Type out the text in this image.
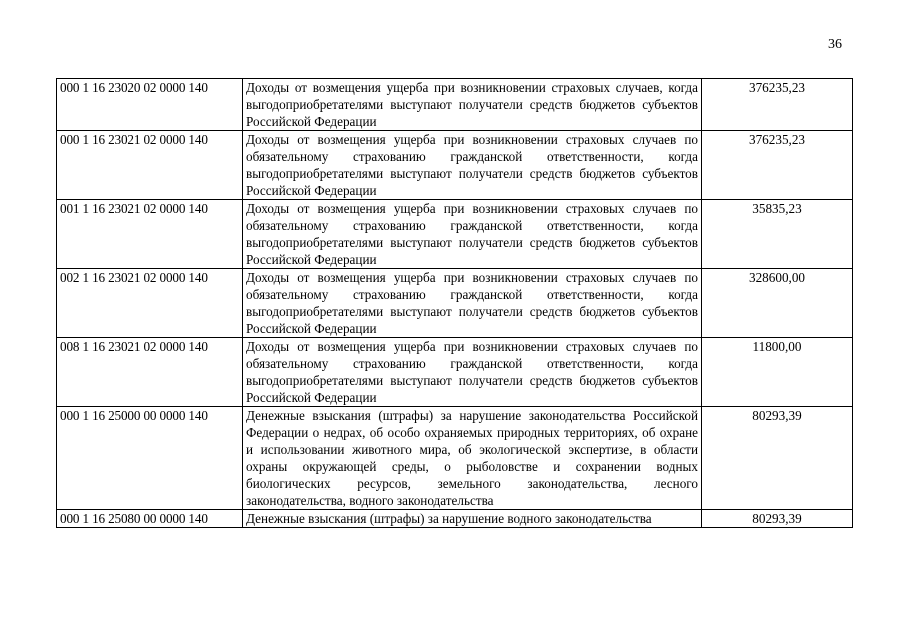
36
000 1 16 23020 02 0000 140	Доходы от возмещения ущерба при возникновении страховых случаев, когда выгодоприобретателями выступают получатели средств бюджетов субъектов Российской Федерации	376235,23
000 1 16 23021 02 0000 140	Доходы от возмещения ущерба при возникновении страховых случаев по обязательному страхованию гражданской ответственности, когда выгодоприобретателями выступают получатели средств бюджетов субъектов Российской Федерации	376235,23
001 1 16 23021 02 0000 140	Доходы от возмещения ущерба при возникновении страховых случаев по обязательному страхованию гражданской ответственности, когда выгодоприобретателями выступают получатели средств бюджетов субъектов Российской Федерации	35835,23
002 1 16 23021 02 0000 140	Доходы от возмещения ущерба при возникновении страховых случаев по обязательному страхованию гражданской ответственности, когда выгодоприобретателями выступают получатели средств бюджетов субъектов Российской Федерации	328600,00
008 1 16 23021 02 0000 140	Доходы от возмещения ущерба при возникновении страховых случаев по обязательному страхованию гражданской ответственности, когда выгодоприобретателями выступают получатели средств бюджетов субъектов Российской Федерации	11800,00
000 1 16 25000 00 0000 140	Денежные взыскания (штрафы) за нарушение законодательства Российской Федерации о недрах, об особо охраняемых природных территориях, об охране и использовании животного мира, об экологической экспертизе, в области охраны окружающей среды, о рыболовстве и сохранении водных биологических ресурсов, земельного законодательства, лесного законодательства, водного законодательства	80293,39
000 1 16 25080 00 0000 140	Денежные взыскания (штрафы) за нарушение водного законодательства	80293,39
